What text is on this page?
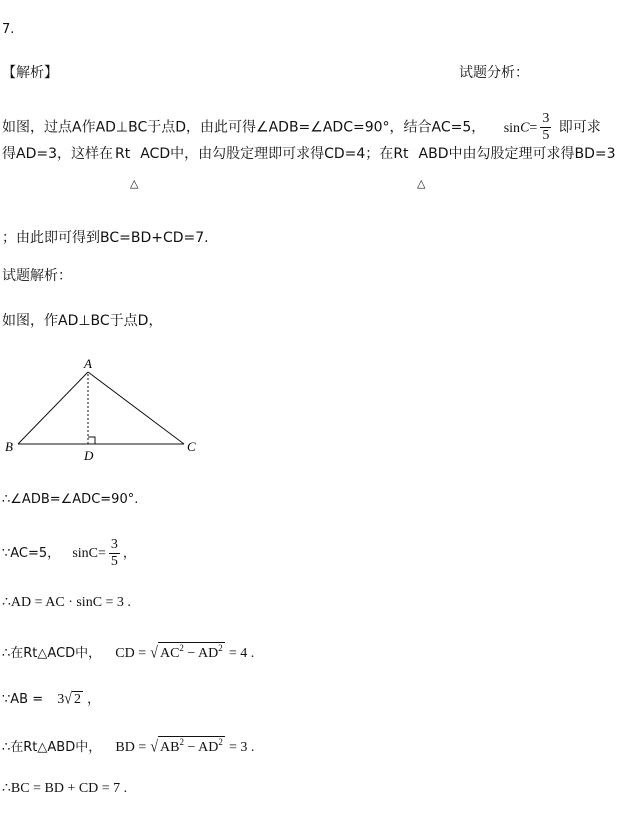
7.
【解析】	试题分析：
如图，过点A作AD⊥BC于点D，由此可得∠ADB=∠ADC=90°，结合AC=5， $\sin C= \frac{3}{5}$ 即可求
得AD=3，这样在 Rt ACD中，由勾股定理即可求得CD=4；在Rt ABD中由勾股定理可求得BD=3
△	△
；由此即可得到BC=BD+CD=7.
试题解析：
如图，作AD⊥BC于点D，
A
B	C
D
∴∠ADB=∠ADC=90°.
∵AC=5， $\sin C= \frac{3}{5}$ ，
∴AD = AC · sinC = 3 .
∴在Rt△ACD中， CD = √ $AC^2 - AD^2 = 4$ .
∵AB = 3√ 2 ，
∴在Rt△ABD中， BD = √ $AB^2 - AD^2 = 3$ .
∴BC = BD + CD = 7 .
